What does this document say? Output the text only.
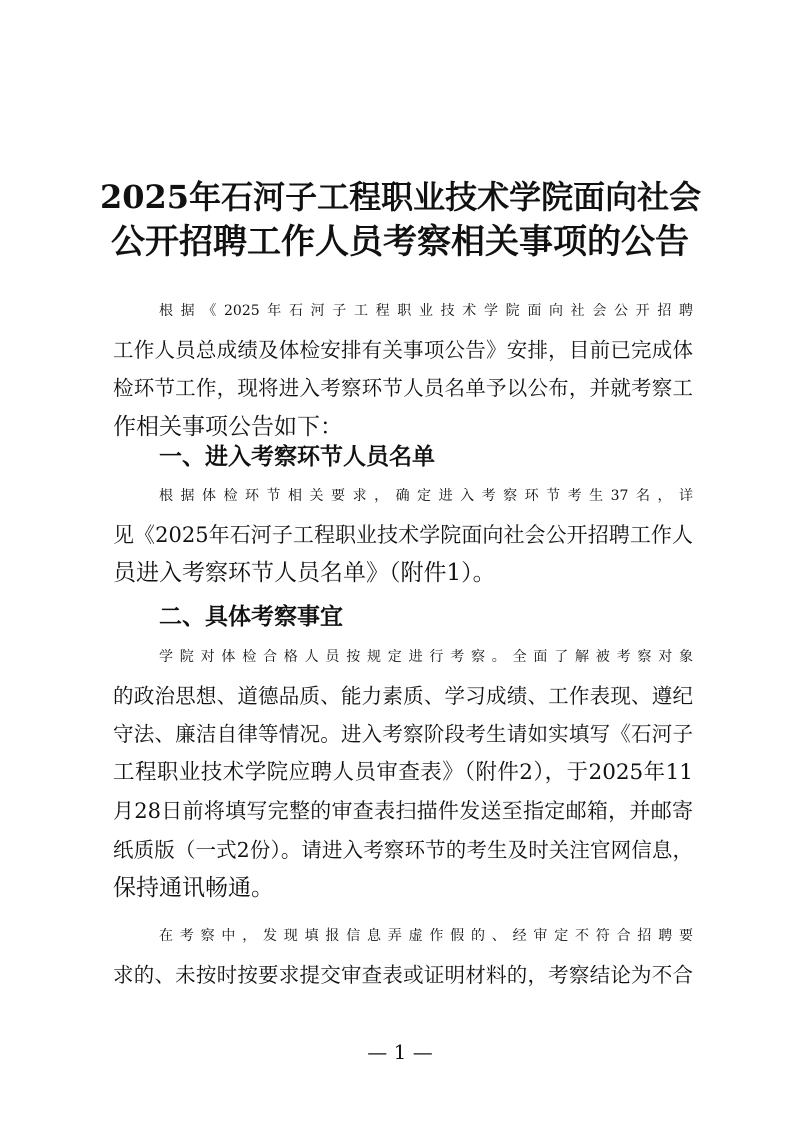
2025年石河子工程职业技术学院面向社会
公开招聘工作人员考察相关事项的公告
根据《2025年石河子工程职业技术学院面向社会公开招聘
工作人员总成绩及体检安排有关事项公告》安排，目前已完成体
检环节工作，现将进入考察环节人员名单予以公布，并就考察工
作相关事项公告如下：
一、进入考察环节人员名单
根据体检环节相关要求，确定进入考察环节考生37名，详
见《2025年石河子工程职业技术学院面向社会公开招聘工作人
员进入考察环节人员名单》（附件1）。
二、具体考察事宜
学院对体检合格人员按规定进行考察。全面了解被考察对象
的政治思想、道德品质、能力素质、学习成绩、工作表现、遵纪
守法、廉洁自律等情况。进入考察阶段考生请如实填写《石河子
工程职业技术学院应聘人员审查表》（附件2），于2025年11
月28日前将填写完整的审查表扫描件发送至指定邮箱，并邮寄
纸质版（一式2份）。请进入考察环节的考生及时关注官网信息，
保持通讯畅通。
在考察中，发现填报信息弄虚作假的、经审定不符合招聘要
求的、未按时按要求提交审查表或证明材料的，考察结论为不合
— 1 —
